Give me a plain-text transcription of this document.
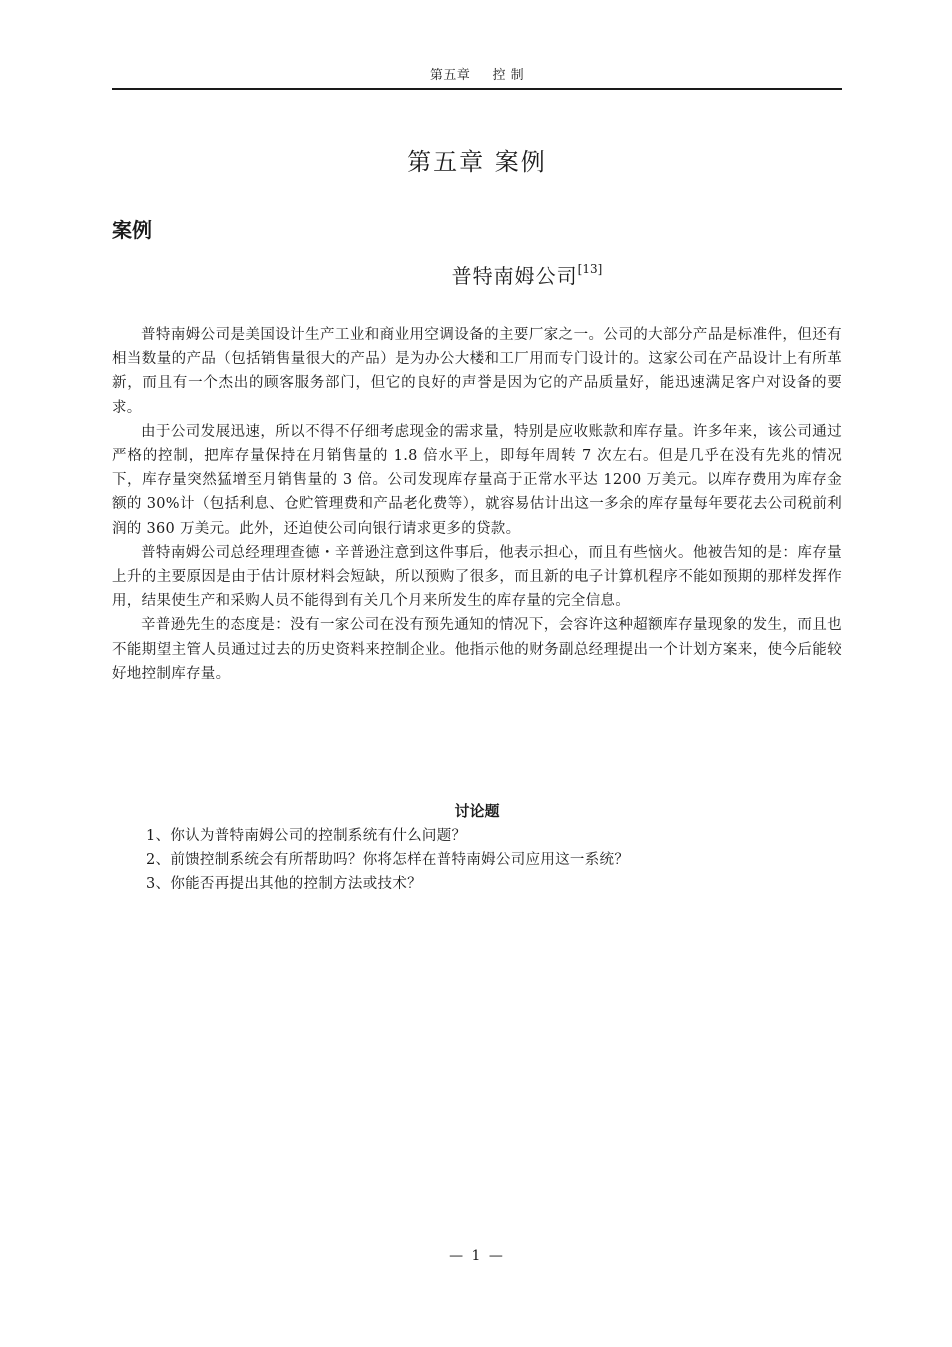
第五章 控 制
第五章 案例
案例
普特南姆公司[13]

普特南姆公司是美国设计生产工业和商业用空调设备的主要厂家之一。公司的大部分产品是标准件，但还有相当数量的产品（包括销售量很大的产品）是为办公大楼和工厂用而专门设计的。这家公司在产品设计上有所革新，而且有一个杰出的顾客服务部门，但它的良好的声誉是因为它的产品质量好，能迅速满足客户对设备的要求。

由于公司发展迅速，所以不得不仔细考虑现金的需求量，特别是应收账款和库存量。许多年来，该公司通过严格的控制，把库存量保持在月销售量的 1.8 倍水平上，即每年周转 7 次左右。但是几乎在没有先兆的情况下，库存量突然猛增至月销售量的 3 倍。公司发现库存量高于正常水平达 1200 万美元。以库存费用为库存金额的 30%计（包括利息、仓贮管理费和产品老化费等），就容易估计出这一多余的库存量每年要花去公司税前利润的 360 万美元。此外，还迫使公司向银行请求更多的贷款。

普特南姆公司总经理理查德・辛普逊注意到这件事后，他表示担心，而且有些恼火。他被告知的是：库存量上升的主要原因是由于估计原材料会短缺，所以预购了很多，而且新的电子计算机程序不能如预期的那样发挥作用，结果使生产和采购人员不能得到有关几个月来所发生的库存量的完全信息。

辛普逊先生的态度是：没有一家公司在没有预先通知的情况下，会容许这种超额库存量现象的发生，而且也不能期望主管人员通过过去的历史资料来控制企业。他指示他的财务副总经理提出一个计划方案来，使今后能较好地控制库存量。

讨论题
1、你认为普特南姆公司的控制系统有什么问题？
2、前馈控制系统会有所帮助吗？你将怎样在普特南姆公司应用这一系统？
3、你能否再提出其他的控制方法或技术？
— 1 —
